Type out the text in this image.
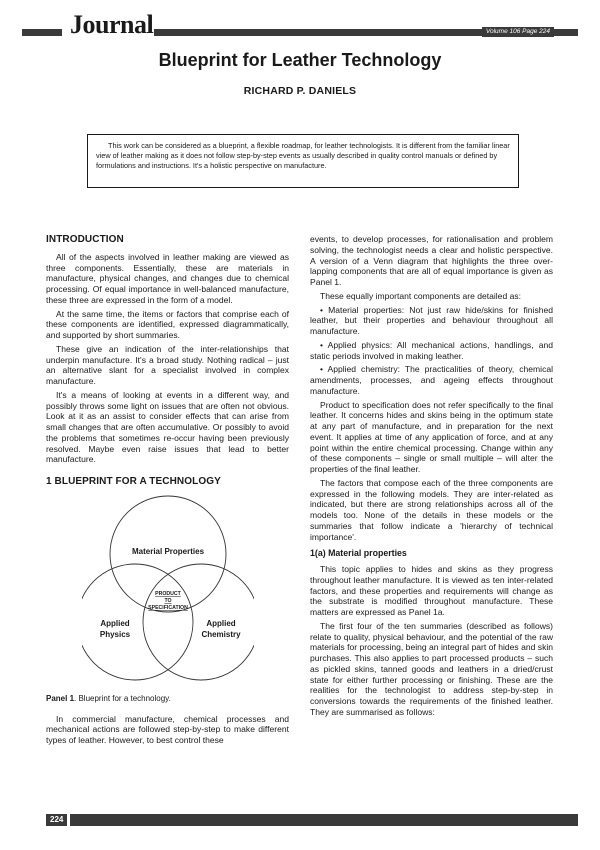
Journal	Volume 106 Page 224
Blueprint for Leather Technology
RICHARD P. DANIELS

This work can be considered as a blueprint, a flexible roadmap, for leather technologists. It is different from the familiar linear view of leather making as it does not follow step-by-step events as usually described in quality control manuals or defined by formulations and instructions. It's a holistic perspective on manufacture.

INTRODUCTION

All of the aspects involved in leather making are viewed as three components. Essentially, these are materials in manufacture, physical changes, and changes due to chemical processing. Of equal importance in well-balanced manufacture, these three are expressed in the form of a model.

At the same time, the items or factors that comprise each of these components are identified, expressed diagrammatically, and supported by short summaries.

These give an indication of the inter-relationships that underpin manufacture. It's a broad study. Nothing radical – just an alternative slant for a specialist involved in complex manufacture.

It's a means of looking at events in a different way, and possibly throws some light on issues that are often not obvious. Look at it as an assist to consider effects that can arise from small changes that are often accumulative. Or possibly to avoid the problems that sometimes re-occur having been previously resolved. Maybe even raise issues that lead to better manufacture.

1 BLUEPRINT FOR A TECHNOLOGY
Material Properties
Applied
Physics
Applied
Chemistry
PRODUCT
TO
SPECIFICATION
Panel 1. Blueprint for a technology.

In commercial manufacture, chemical processes and mechanical actions are followed step-by-step to make different types of leather. However, to best control these

events, to develop processes, for rationalisation and problem solving, the technologist needs a clear and holistic perspective. A version of a Venn diagram that highlights the three over-lapping components that are all of equal importance is given as Panel 1.

These equally important components are detailed as:

• Material properties: Not just raw hide/skins for finished leather, but their properties and behaviour throughout all manufacture.

• Applied physics: All mechanical actions, handlings, and static periods involved in making leather.

• Applied chemistry: The practicalities of theory, chemical amendments, processes, and ageing effects throughout manufacture.

Product to specification does not refer specifically to the final leather. It concerns hides and skins being in the optimum state at any part of manufacture, and in preparation for the next event. It applies at time of any application of force, and at any point within the entire chemical processing. Change within any of these components – single or small multiple – will alter the properties of the final leather.

The factors that compose each of the three components are expressed in the following models. They are inter-related as indicated, but there are strong relationships across all of the models too. None of the details in these models or the summaries that follow indicate a 'hierarchy of technical importance'.

1(a) Material properties

This topic applies to hides and skins as they progress throughout leather manufacture. It is viewed as ten inter-related factors, and these properties and requirements will change as the substrate is modified throughout manufacture. These matters are expressed as Panel 1a.

The first four of the ten summaries (described as follows) relate to quality, physical behaviour, and the potential of the raw materials for processing, being an integral part of hides and skin purchases. This also applies to part processed products – such as pickled skins, tanned goods and leathers in a dried/crust state for either further processing or finishing. These are the realities for the technologist to address step-by-step in conversions towards the requirements of the finished leather. They are summarised as follows:

224
